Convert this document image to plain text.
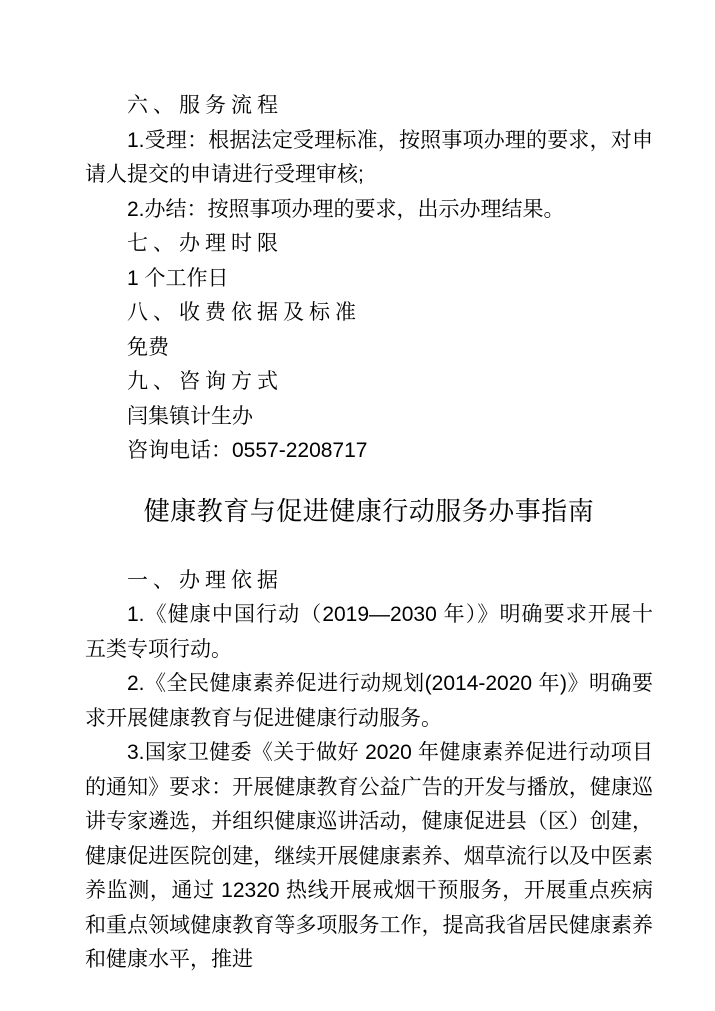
六、服务流程
1.受理：根据法定受理标准，按照事项办理的要求，对申请人提交的申请进行受理审核;
2.办结：按照事项办理的要求，出示办理结果。
七、办理时限
1 个工作日
八、收费依据及标准
免费
九、咨询方式
闫集镇计生办
咨询电话：0557-2208717
健康教育与促进健康行动服务办事指南
一、办理依据
1.《健康中国行动（2019—2030 年）》明确要求开展十五类专项行动。
2.《全民健康素养促进行动规划(2014-2020 年)》明确要求开展健康教育与促进健康行动服务。
3.国家卫健委《关于做好 2020 年健康素养促进行动项目的通知》要求：开展健康教育公益广告的开发与播放，健康巡讲专家遴选，并组织健康巡讲活动，健康促进县（区）创建，健康促进医院创建，继续开展健康素养、烟草流行以及中医素养监测，通过 12320 热线开展戒烟干预服务，开展重点疾病和重点领域健康教育等多项服务工作，提高我省居民健康素养和健康水平，推进
